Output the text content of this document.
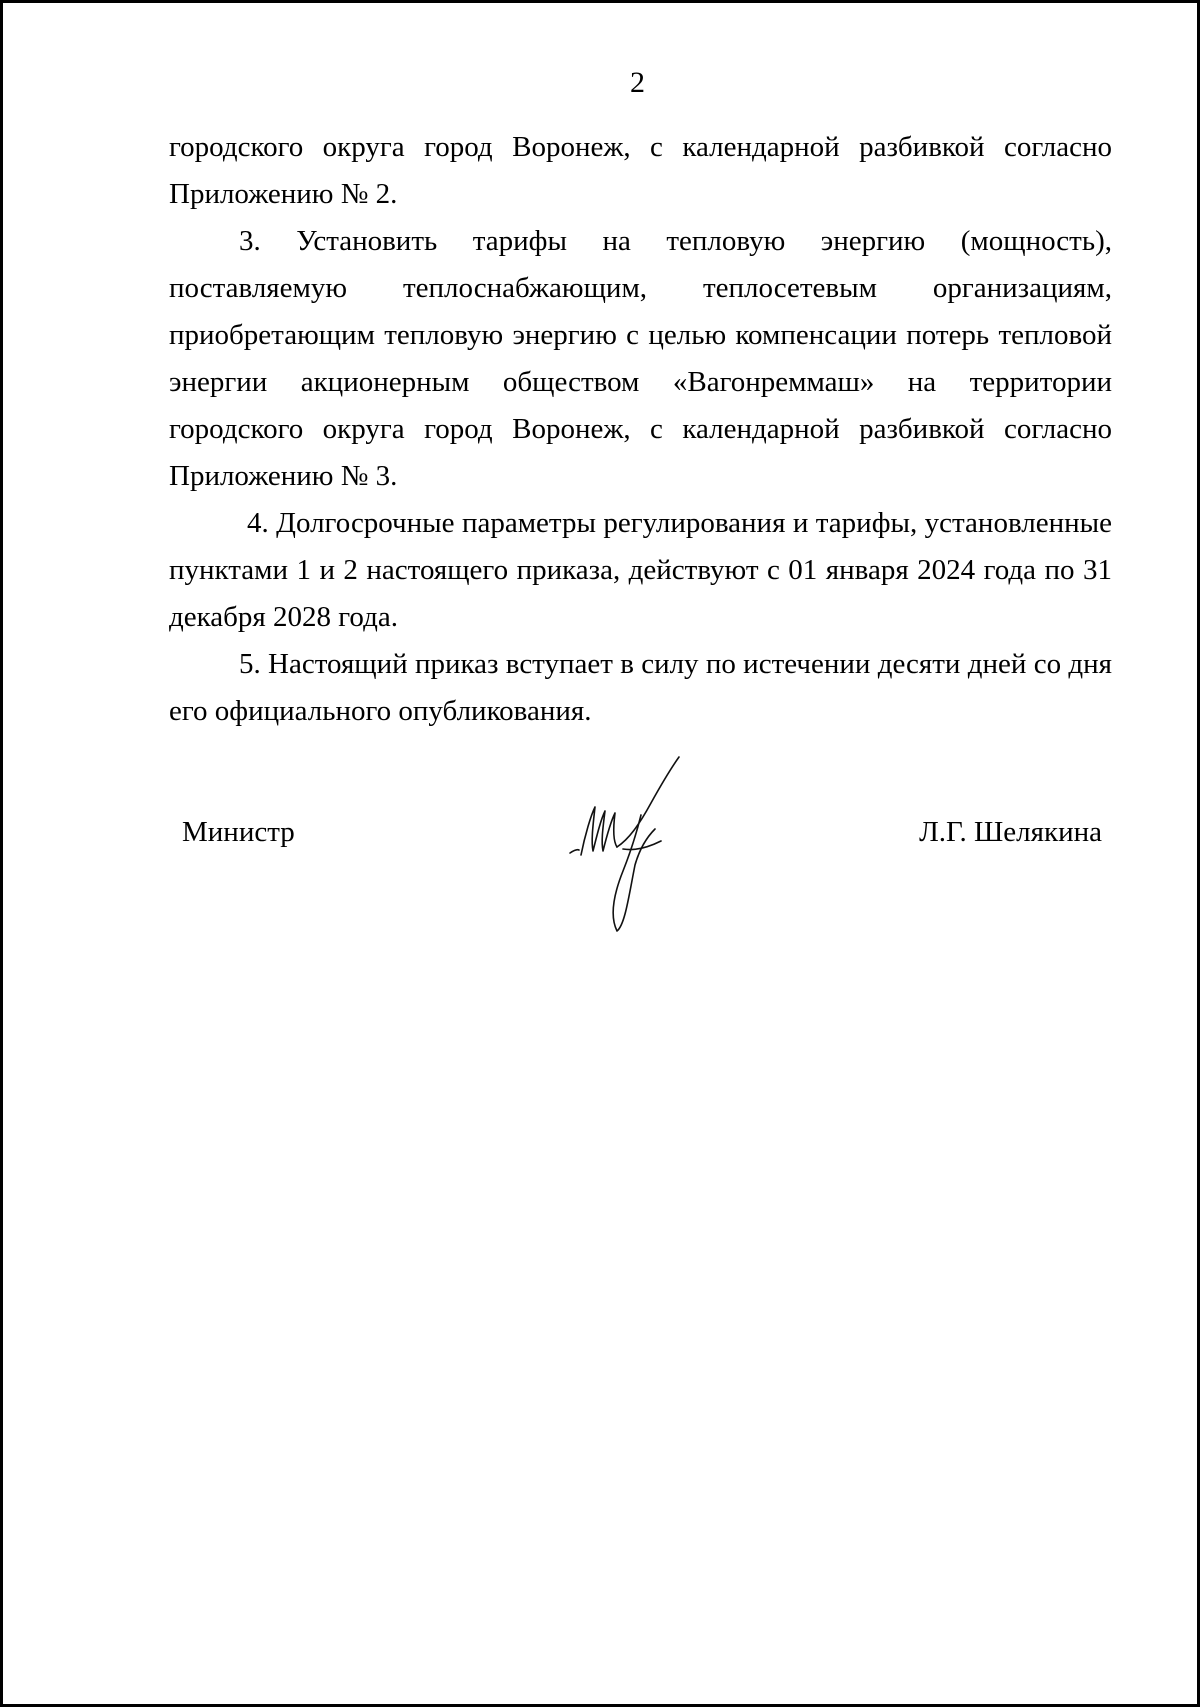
2

городского округа город Воронеж, с календарной разбивкой согласно Приложению № 2.

3. Установить тарифы на тепловую энергию (мощность), поставляемую теплоснабжающим, теплосетевым организациям, приобретающим тепловую энергию с целью компенсации потерь тепловой энергии акционерным обществом «Вагонреммаш» на территории городского округа город Воронеж, с календарной разбивкой согласно Приложению № 3.

4. Долгосрочные параметры регулирования и тарифы, установленные пунктами 1 и 2 настоящего приказа, действуют с 01 января 2024 года по 31 декабря 2028 года.

5. Настоящий приказ вступает в силу по истечении десяти дней со дня его официального опубликования.

Министр	Л.Г. Шелякина
